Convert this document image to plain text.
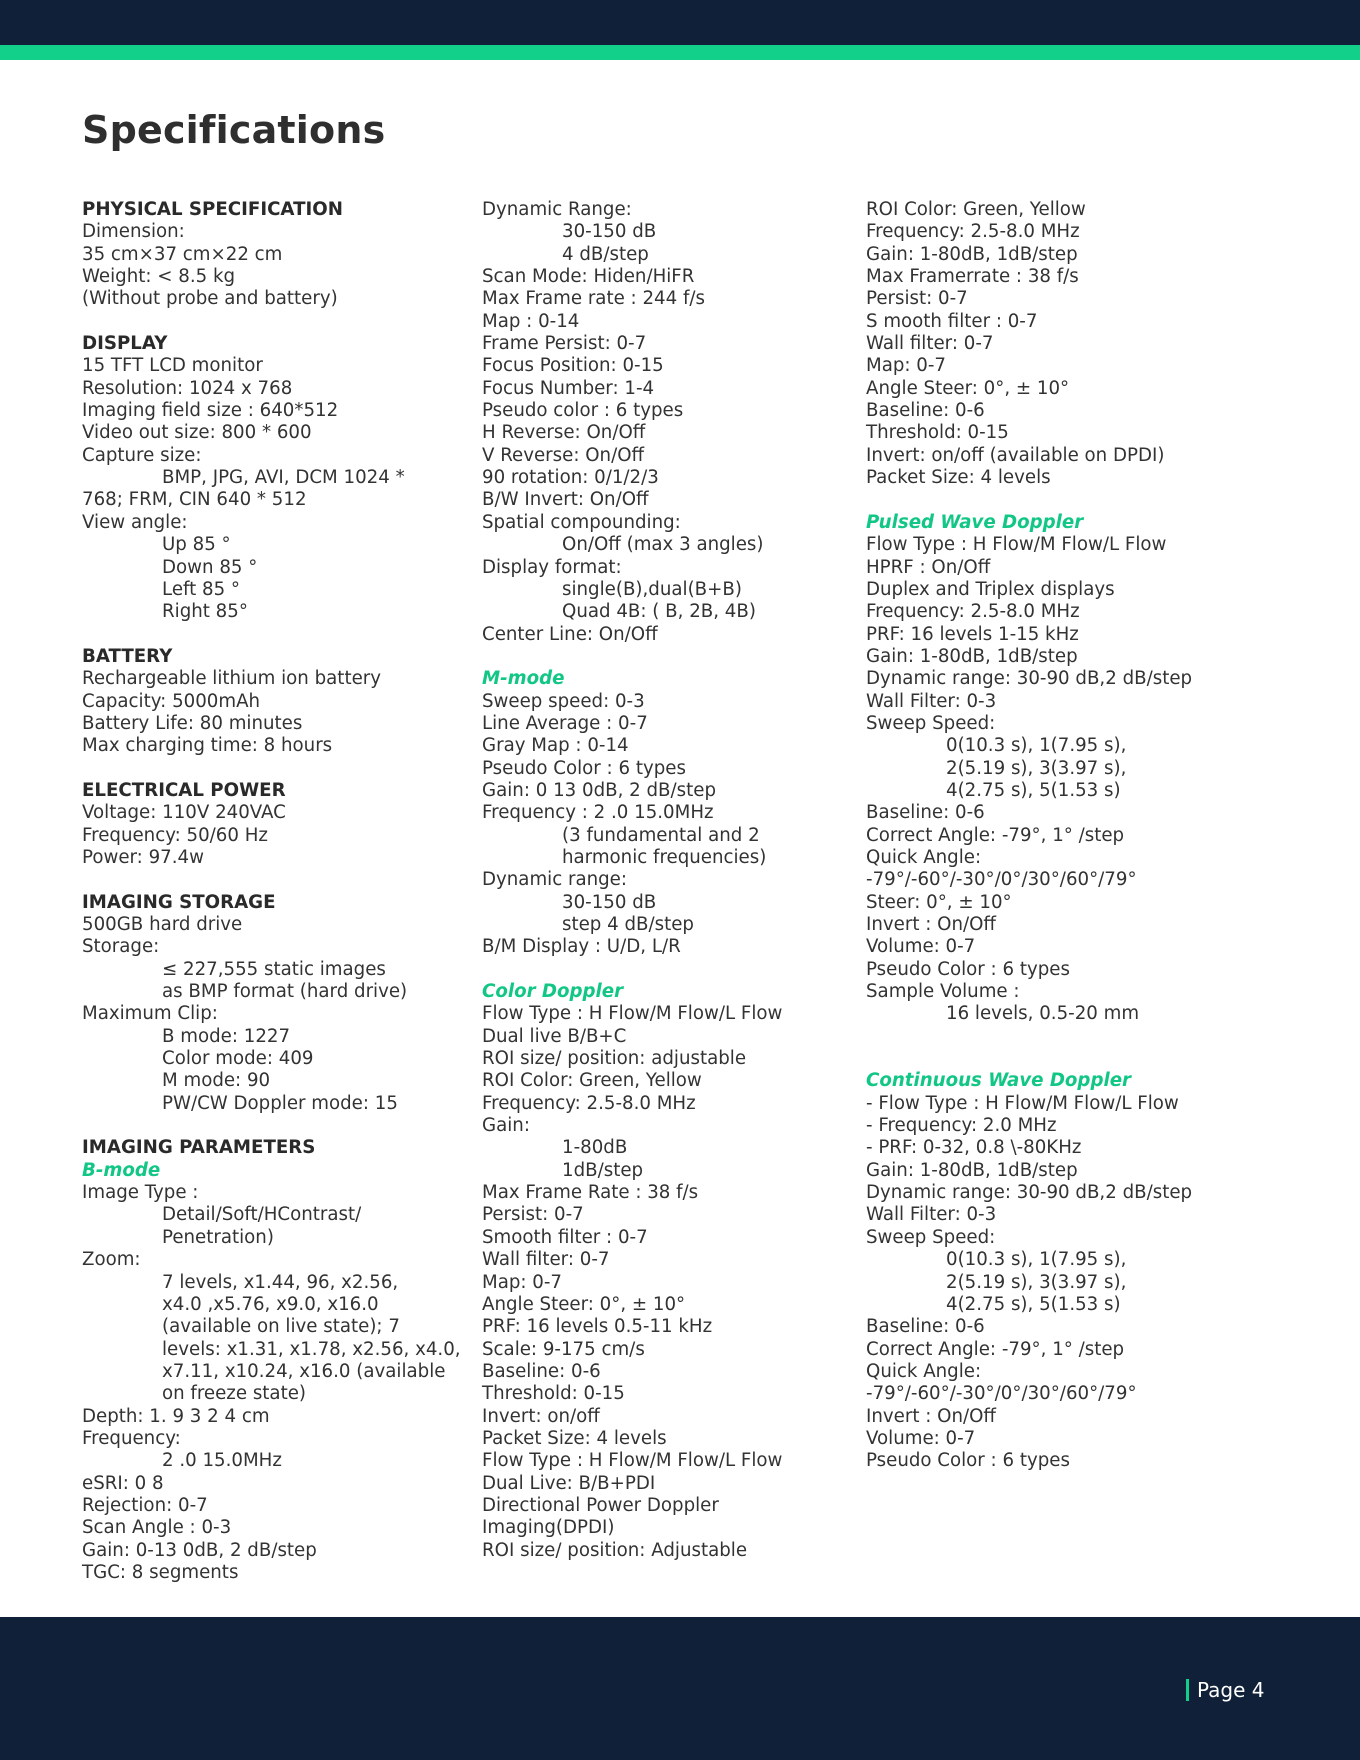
Specifications
PHYSICAL SPECIFICATION
Dimension:
35 cm×37 cm×22 cm
Weight: < 8.5 kg
(Without probe and battery)
DISPLAY
15 TFT LCD monitor
Resolution: 1024 x 768
Imaging field size : 640*512
Video out size: 800 * 600
Capture size:
BMP, JPG, AVI, DCM 1024 *
768; FRM, CIN 640 * 512
View angle:
Up 85 °
Down 85 °
Left 85 °
Right 85°
BATTERY
Rechargeable lithium ion battery
Capacity: 5000mAh
Battery Life: 80 minutes
Max charging time: 8 hours
ELECTRICAL POWER
Voltage: 110V 240VAC
Frequency: 50/60 Hz
Power: 97.4w
IMAGING STORAGE
500GB hard drive
Storage:
≤ 227,555 static images
as BMP format (hard drive)
Maximum Clip:
B mode: 1227
Color mode: 409
M mode: 90
PW/CW Doppler mode: 15
IMAGING PARAMETERS
B-mode
Image Type :
Detail/Soft/HContrast/
Penetration)
Zoom:
7 levels, x1.44, 96, x2.56,
x4.0 ,x5.76, x9.0, x16.0
(available on live state); 7
levels: x1.31, x1.78, x2.56, x4.0,
x7.11, x10.24, x16.0 (available
on freeze state)
Depth: 1. 9 3 2 4 cm
Frequency:
2 .0 15.0MHz
eSRI: 0 8
Rejection: 0-7
Scan Angle : 0-3
Gain: 0-13 0dB, 2 dB/step
TGC: 8 segments
Dynamic Range:
30-150 dB
4 dB/step
Scan Mode: Hiden/HiFR
Max Frame rate : 244 f/s
Map : 0-14
Frame Persist: 0-7
Focus Position: 0-15
Focus Number: 1-4
Pseudo color : 6 types
H Reverse: On/Off
V Reverse: On/Off
90 rotation: 0/1/2/3
B/W Invert: On/Off
Spatial compounding:
On/Off (max 3 angles)
Display format:
single(B),dual(B+B)
Quad 4B: ( B, 2B, 4B)
Center Line: On/Off
M-mode
Sweep speed: 0-3
Line Average : 0-7
Gray Map : 0-14
Pseudo Color : 6 types
Gain: 0 13 0dB, 2 dB/step
Frequency : 2 .0 15.0MHz
(3 fundamental and 2
harmonic frequencies)
Dynamic range:
30-150 dB
step 4 dB/step
B/M Display : U/D, L/R
Color Doppler
Flow Type : H Flow/M Flow/L Flow
Dual live B/B+C
ROI size/ position: adjustable
ROI Color: Green, Yellow
Frequency: 2.5-8.0 MHz
Gain:
1-80dB
1dB/step
Max Frame Rate : 38 f/s
Persist: 0-7
Smooth filter : 0-7
Wall filter: 0-7
Map: 0-7
Angle Steer: 0°, ± 10°
PRF: 16 levels 0.5-11 kHz
Scale: 9-175 cm/s
Baseline: 0-6
Threshold: 0-15
Invert: on/off
Packet Size: 4 levels
Flow Type : H Flow/M Flow/L Flow
Dual Live: B/B+PDI
Directional Power Doppler
Imaging(DPDI)
ROI size/ position: Adjustable
ROI Color: Green, Yellow
Frequency: 2.5-8.0 MHz
Gain: 1-80dB, 1dB/step
Max Framerrate : 38 f/s
Persist: 0-7
S mooth filter : 0-7
Wall filter: 0-7
Map: 0-7
Angle Steer: 0°, ± 10°
Baseline: 0-6
Threshold: 0-15
Invert: on/off (available on DPDI)
Packet Size: 4 levels
Pulsed Wave Doppler
Flow Type : H Flow/M Flow/L Flow
HPRF : On/Off
Duplex and Triplex displays
Frequency: 2.5-8.0 MHz
PRF: 16 levels 1-15 kHz
Gain: 1-80dB, 1dB/step
Dynamic range: 30-90 dB,2 dB/step
Wall Filter: 0-3
Sweep Speed:
0(10.3 s), 1(7.95 s),
2(5.19 s), 3(3.97 s),
4(2.75 s), 5(1.53 s)
Baseline: 0-6
Correct Angle: -79°, 1° /step
Quick Angle:
-79°/-60°/-30°/0°/30°/60°/79°
Steer: 0°, ± 10°
Invert : On/Off
Volume: 0-7
Pseudo Color : 6 types
Sample Volume :
16 levels, 0.5-20 mm
Continuous Wave Doppler
- Flow Type : H Flow/M Flow/L Flow
- Frequency: 2.0 MHz
- PRF: 0-32, 0.8 \-80KHz
Gain: 1-80dB, 1dB/step
Dynamic range: 30-90 dB,2 dB/step
Wall Filter: 0-3
Sweep Speed:
0(10.3 s), 1(7.95 s),
2(5.19 s), 3(3.97 s),
4(2.75 s), 5(1.53 s)
Baseline: 0-6
Correct Angle: -79°, 1° /step
Quick Angle:
-79°/-60°/-30°/0°/30°/60°/79°
Invert : On/Off
Volume: 0-7
Pseudo Color : 6 types
Page 4
